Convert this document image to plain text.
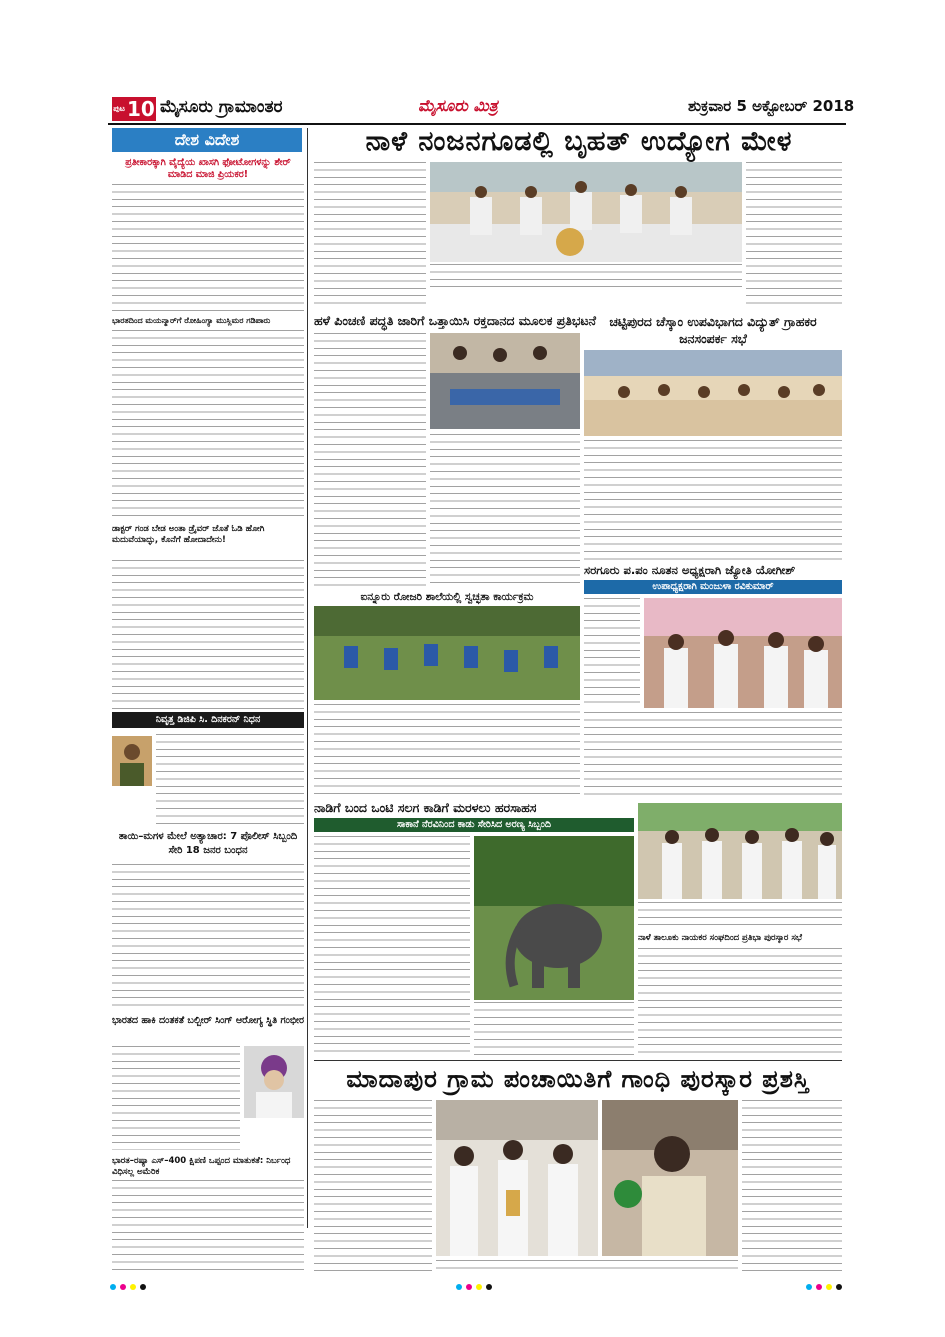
ಪುಟ 10 ಮೈಸೂರು ಗ್ರಾಮಾಂತರ	ಮೈಸೂರು ಮಿತ್ರ	ಶುಕ್ರವಾರ 5 ಅಕ್ಟೋಬರ್ 2018
ದೇಶ ವಿದೇಶ
ಪ್ರತೀಕಾರಕ್ಕಾಗಿ ವೈದ್ಯೆಯ ಖಾಸಗಿ ಫೋಟೋಗಳನ್ನು ಶೇರ್ ಮಾಡಿದ ಮಾಜಿ ಪ್ರಿಯಕರ!
ಭಾರತದಿಂದ ಮಯನ್ಮಾರ್‌ಗೆ ರೋಹಿಂಗ್ಯಾ ಮುಸ್ಲಿಮರ ಗಡಿಪಾರು
ಡಾಕ್ಟರ್ ಗಂಡ ಬೇಡ ಅಂತಾ ಡ್ರೈವರ್ ಜೊತೆ ಓಡಿ ಹೋಗಿ ಮದುವೆಯಾದ್ಳು, ಕೊನೆಗೆ ಹೋದಾದೇನು!
ನಿವೃತ್ತ ಡಿಜಿಪಿ ಸಿ. ದಿನಕರನ್ ನಿಧನ
ತಾಯಿ–ಮಗಳ ಮೇಲೆ ಅತ್ಯಾಚಾರ: 7 ಪೊಲೀಸ್ ಸಿಬ್ಬಂದಿ ಸೇರಿ 18 ಜನರ ಬಂಧನ
ಭಾರತದ ಹಾಕಿ ದಂತಕತೆ ಬಲ್ಬೀರ್ ಸಿಂಗ್ ಆರೋಗ್ಯ ಸ್ಥಿತಿ ಗಂಭೀರ
ಭಾರತ–ರಷ್ಯಾ ಎಸ್–400 ಕ್ಷಿಪಣಿ ಒಪ್ಪಂದ ಮಾತುಕತೆ: ನಿರ್ಬಂಧ ವಿಧಿಸಲ್ಲ ಅಮೆರಿಕ
ನಾಳೆ ನಂಜನಗೂಡಲ್ಲಿ ಬೃಹತ್ ಉದ್ಯೋಗ ಮೇಳ
ಹಳೆ ಪಿಂಚಣಿ ಪದ್ಧತಿ ಜಾರಿಗೆ ಒತ್ತಾಯಿಸಿ ರಕ್ತದಾನದ ಮೂಲಕ ಪ್ರತಿಭಟನೆ	ಚಟ್ಟಿಪುರದ ಚೆಸ್ಕಾಂ ಉಪವಿಭಾಗದ ವಿದ್ಯುತ್ ಗ್ರಾಹಕರ ಜನಸಂಪರ್ಕ ಸಭೆ
ಐನ್ನೂರು ರೋಜರಿ ಶಾಲೆಯಲ್ಲಿ ಸ್ವಚ್ಛತಾ ಕಾರ್ಯಕ್ರಮ
ಸರಗೂರು ಪ.ಪಂ ನೂತನ ಅಧ್ಯಕ್ಷರಾಗಿ ಜ್ಯೋತಿ ಯೋಗೀಶ್
ಉಪಾಧ್ಯಕ್ಷರಾಗಿ ಮಂಜುಳಾ ರವಿಕುಮಾರ್
ನಾಡಿಗೆ ಬಂದ ಒಂಟಿ ಸಲಗ ಕಾಡಿಗೆ ಮರಳಲು ಹರಸಾಹಸ
ಸಾಕಾನೆ ನೆರವಿನಿಂದ ಕಾಡು ಸೇರಿಸಿದ ಅರಣ್ಯ ಸಿಬ್ಬಂದಿ
ನಾಳೆ ತಾಲೂಕು ನಾಯಕರ ಸಂಘದಿಂದ ಪ್ರತಿಭಾ ಪುರಸ್ಕಾರ ಸಭೆ
ಮಾದಾಪುರ ಗ್ರಾಮ ಪಂಚಾಯಿತಿಗೆ ಗಾಂಧಿ ಪುರಸ್ಕಾರ ಪ್ರಶಸ್ತಿ
